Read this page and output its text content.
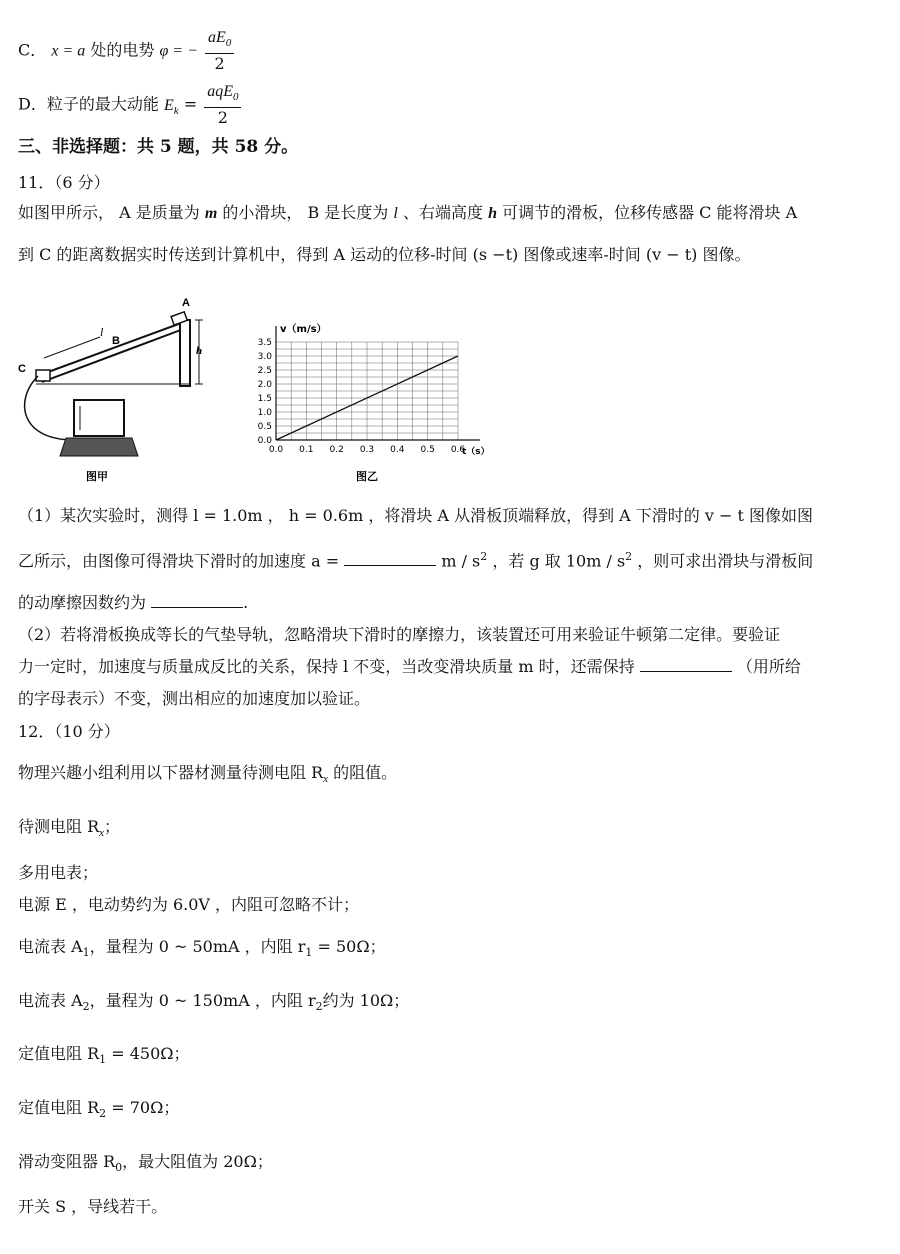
C． x = a 处的电势 φ = − $\frac{aE_0}{2}$
D．粒子的最大动能 $E_k = \frac{aqE_0}{2}$
三、非选择题：共 5 题，共 58 分。
11．（6 分）
如图甲所示， A 是质量为 m 的小滑块， B 是长度为 l 、右端高度 h 可调节的滑板，位移传感器 C 能将滑块 A
到 C 的距离数据实时传送到计算机中，得到 A 运动的位移-时间 (s −t) 图像或速率-时间 (v − t) 图像。
A
B
C
l
h
图甲
0.0
0.5
1.0
1.5
2.0
2.5
3.0
3.5
0.0 0.1 0.2 0.3 0.4 0.5 0.6
v（m/s）
t（s）
图乙
（1）某次实验时，测得 l = 1.0m ， h = 0.6m ，将滑块 A 从滑板顶端释放，得到 A 下滑时的 v − t 图像如图
乙所示，由图像可得滑块下滑时的加速度 a =	m / $s^2$ ，若 g 取 $10m / s^2$ ，则可求出滑块与滑板间
的动摩擦因数约为	.
（2）若将滑板换成等长的气垫导轨，忽略滑块下滑时的摩擦力，该装置还可用来验证牛顿第二定律。要验证
力一定时，加速度与质量成反比的关系，保持 l 不变，当改变滑块质量 m 时，还需保持	（用所给
的字母表示）不变，测出相应的加速度加以验证。
12．（10 分）
物理兴趣小组利用以下器材测量待测电阻 $R_x$ 的阻值。
待测电阻 $R_x$；
多用电表；
电源 E ，电动势约为 6.0V ，内阻可忽略不计；
电流表 $A_1$，量程为 0 ~ 50mA ，内阻 $r_1 = 50\Omega$；
电流表 $A_2$，量程为 0 ~ 150mA ，内阻 $r_2$约为 10Ω；
定值电阻 $R_1 = 450\Omega$；
定值电阻 $R_2 = 70\Omega$；
滑动变阻器 $R_0$，最大阻值为 20Ω；
开关 S ，导线若干。
